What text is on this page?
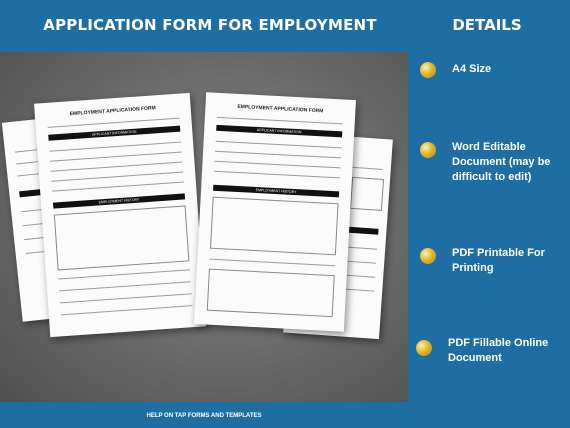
APPLICATION FORM FOR EMPLOYMENT	DETAILS
EMPLOYMENT APPLICATION FORM
APPLICANT INFORMATION
EMPLOYMENT HISTORY
EMPLOYMENT APPLICATION FORM
APPLICANT INFORMATION
EMPLOYMENT HISTORY
A4 Size
Word Editable Document (may be difficult to edit)
PDF Printable For Printing
PDF Fillable Online Document
HELP ON TAP FORMS AND TEMPLATES
